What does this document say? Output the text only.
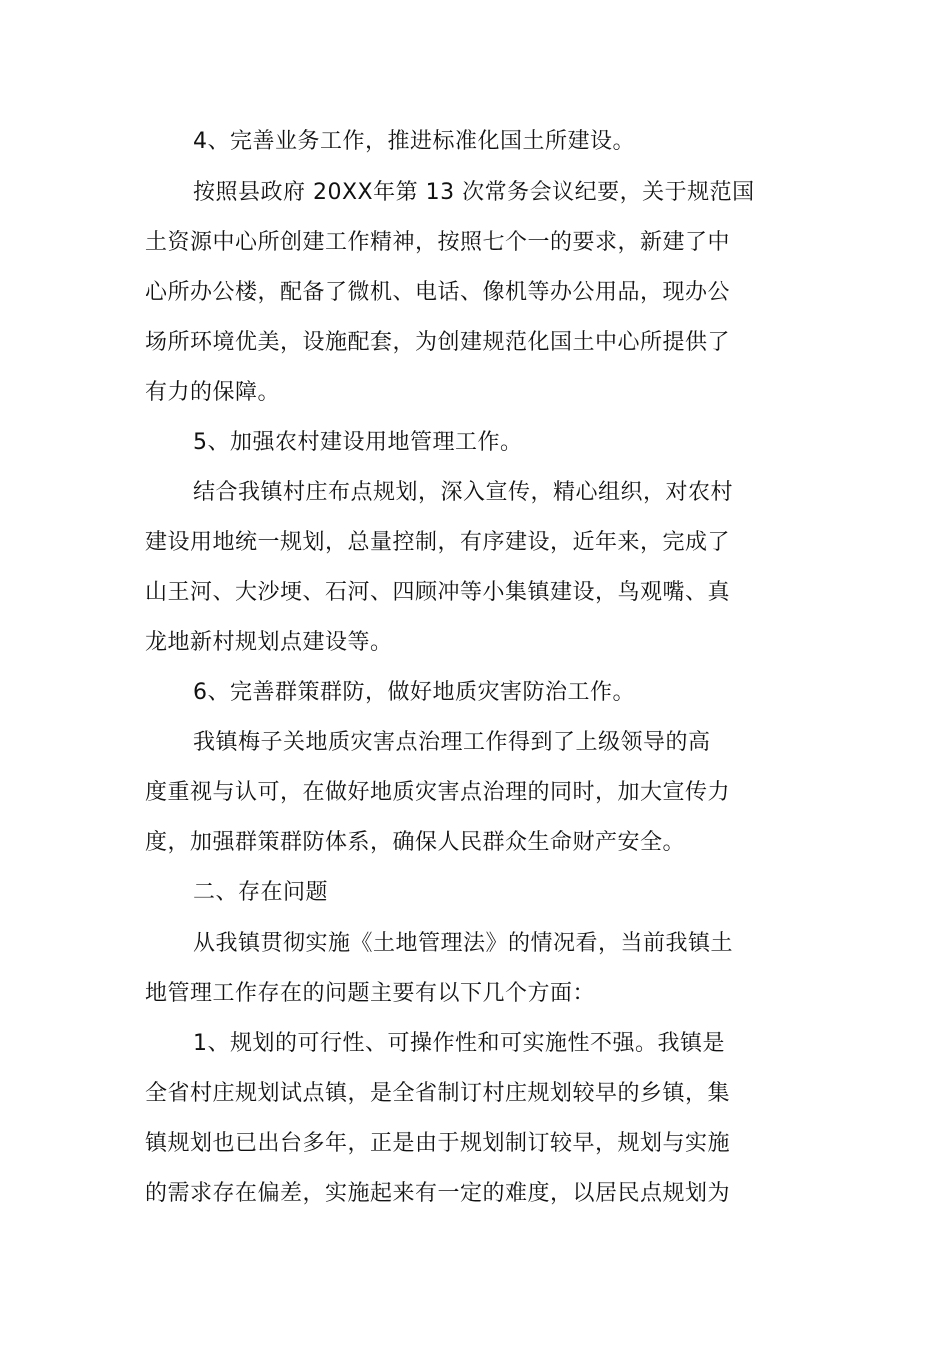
4、完善业务工作，推进标准化国土所建设。
按照县政府 20XX年第 13 次常务会议纪要，关于规范国
土资源中心所创建工作精神，按照七个一的要求，新建了中
心所办公楼，配备了微机、电话、像机等办公用品，现办公
场所环境优美，设施配套，为创建规范化国土中心所提供了
有力的保障。
5、加强农村建设用地管理工作。
结合我镇村庄布点规划，深入宣传，精心组织，对农村
建设用地统一规划，总量控制，有序建设，近年来，完成了
山王河、大沙埂、石河、四顾冲等小集镇建设，鸟观嘴、真
龙地新村规划点建设等。
6、完善群策群防，做好地质灾害防治工作。
我镇梅子关地质灾害点治理工作得到了上级领导的高
度重视与认可，在做好地质灾害点治理的同时，加大宣传力
度，加强群策群防体系，确保人民群众生命财产安全。
二、存在问题
从我镇贯彻实施《土地管理法》的情况看，当前我镇土
地管理工作存在的问题主要有以下几个方面：
1、规划的可行性、可操作性和可实施性不强。我镇是
全省村庄规划试点镇，是全省制订村庄规划较早的乡镇，集
镇规划也已出台多年，正是由于规划制订较早，规划与实施
的需求存在偏差，实施起来有一定的难度，以居民点规划为
